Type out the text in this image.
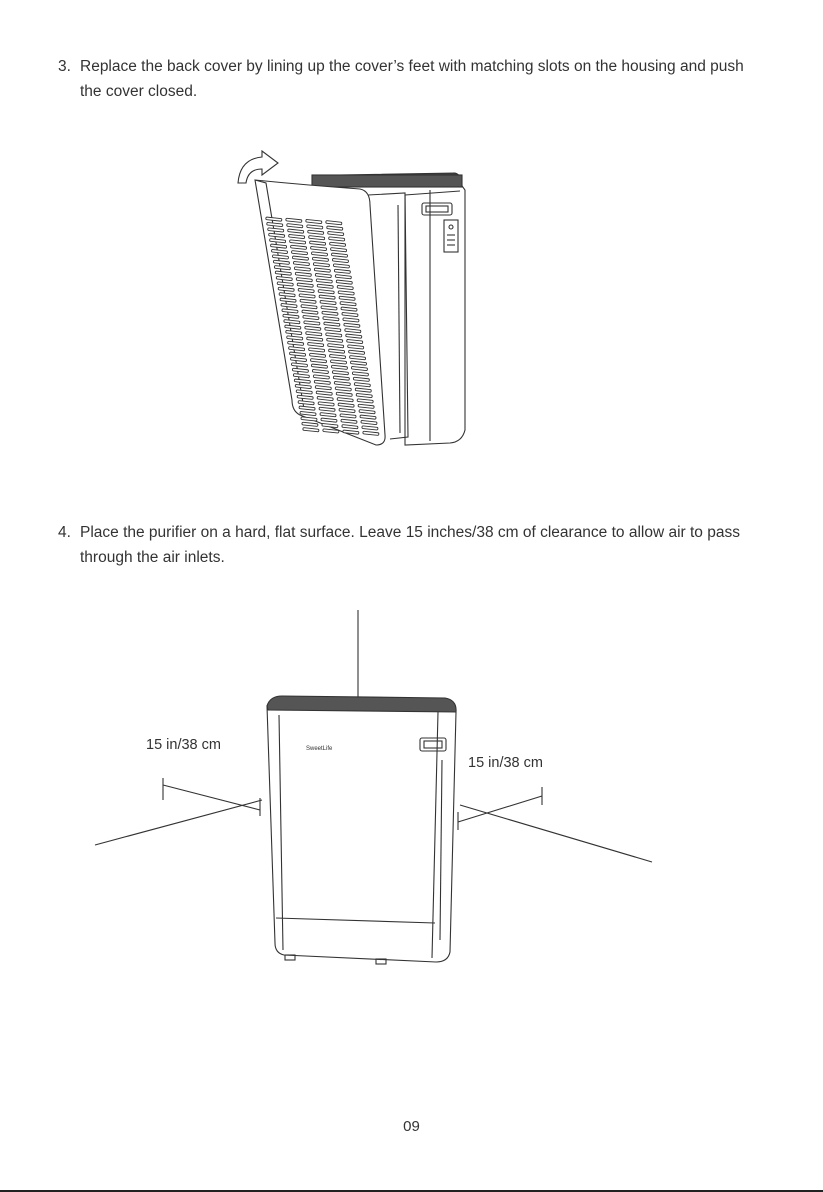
3. Replace the back cover by lining up the cover’s feet with matching slots on the housing and push the cover closed.
4. Place the purifier on a hard, flat surface. Leave 15 inches/38 cm of clearance to allow air to pass through the air inlets.
SweetLife
15 in/38 cm
15 in/38 cm
09
